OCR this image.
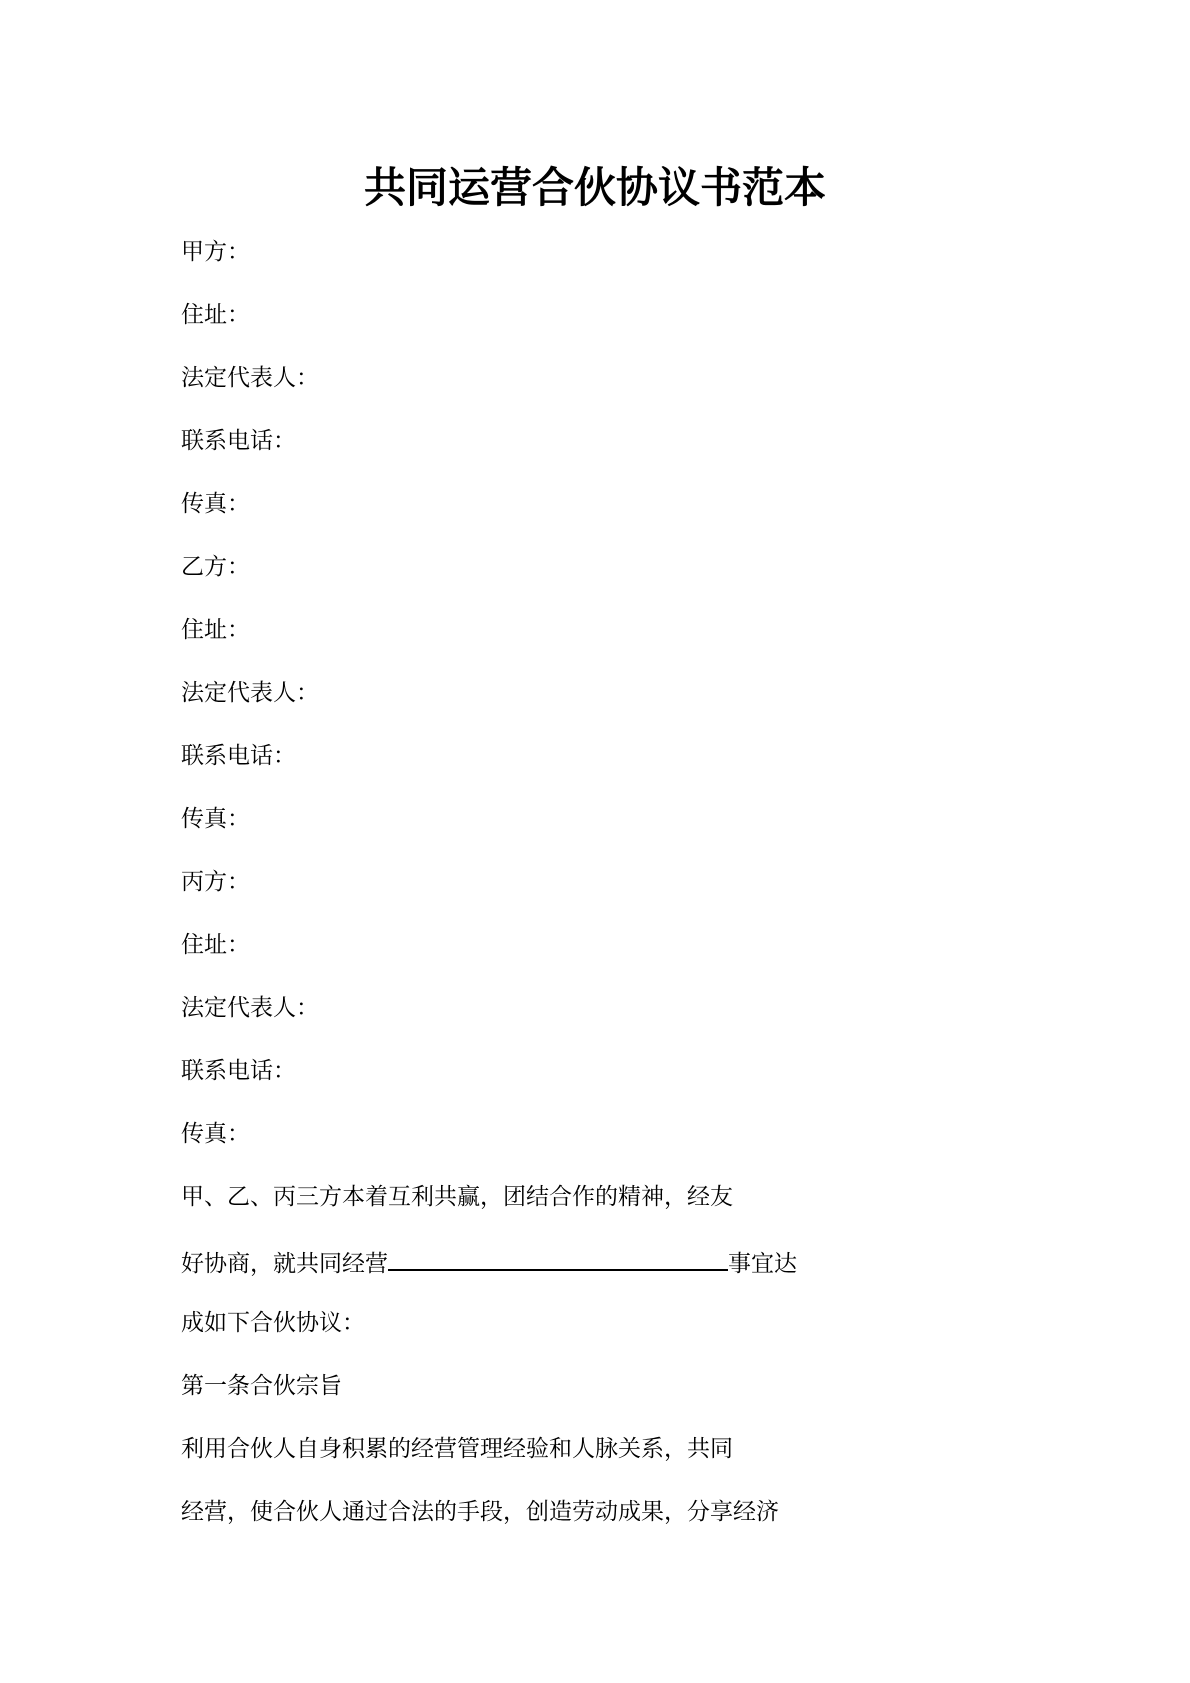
共同运营合伙协议书范本
甲方：
住址：
法定代表人：
联系电话：
传真：
乙方：
住址：
法定代表人：
联系电话：
传真：
丙方：
住址：
法定代表人：
联系电话：
传真：
甲、乙、丙三方本着互利共赢，团结合作的精神，经友
好协商，就共同经营	事宜达
成如下合伙协议：
第一条合伙宗旨
利用合伙人自身积累的经营管理经验和人脉关系，共同
经营，使合伙人通过合法的手段，创造劳动成果，分享经济
